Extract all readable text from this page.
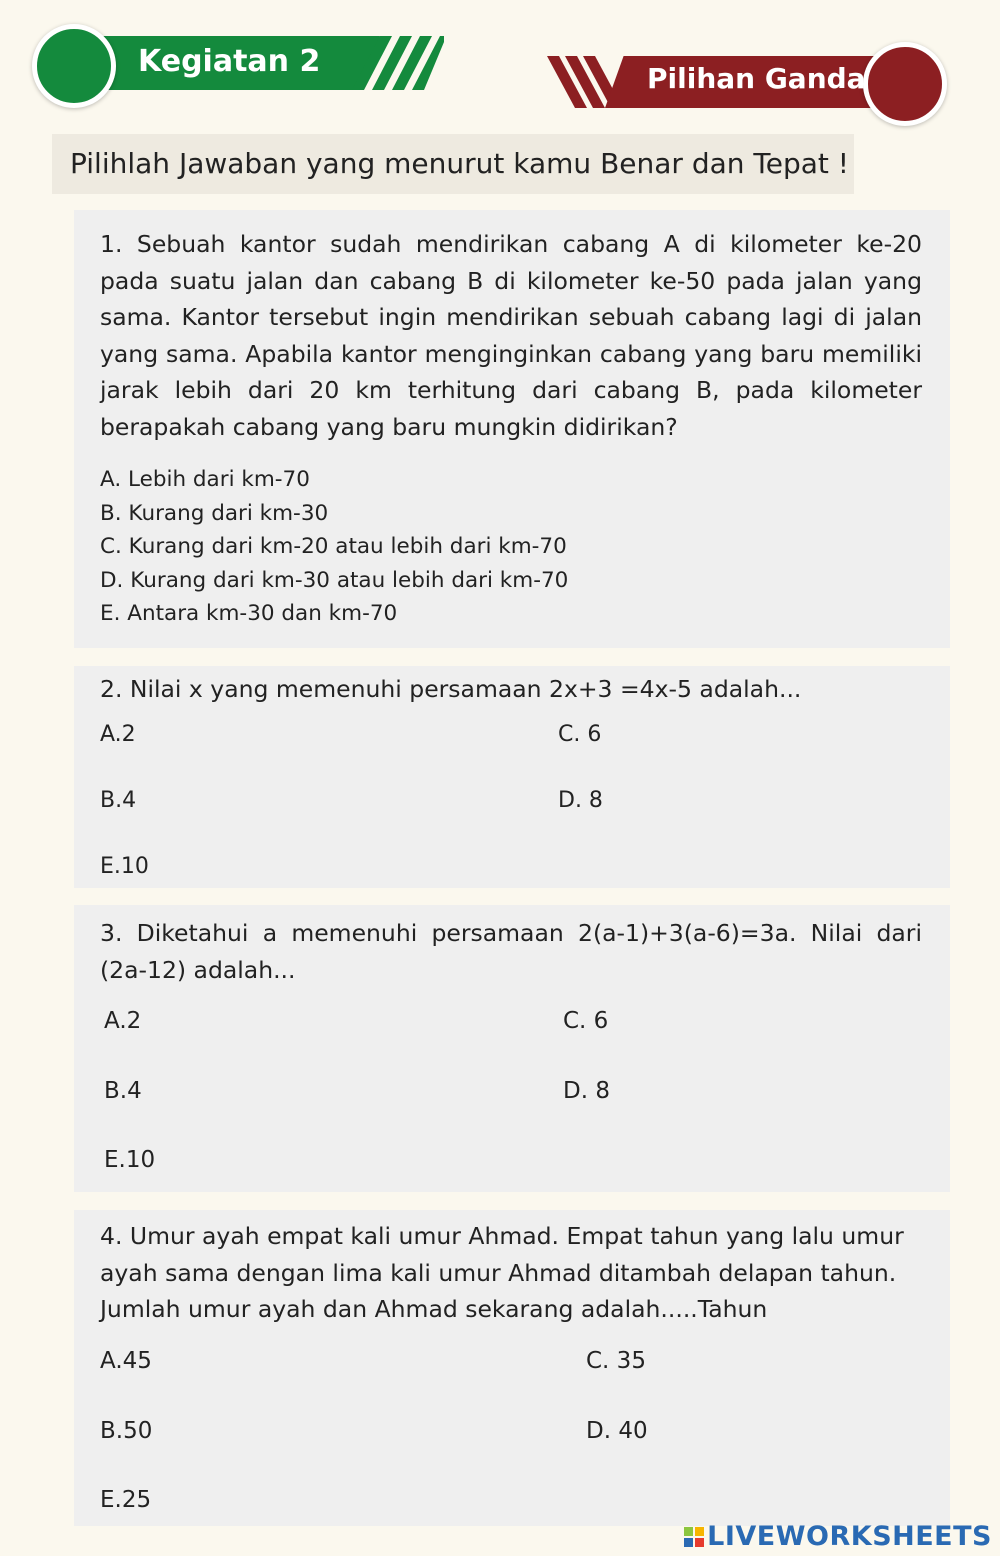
Kegiatan 2	Pilihan Ganda
Pilihlah Jawaban yang menurut kamu Benar dan Tepat !
1. Sebuah kantor sudah mendirikan cabang A di kilometer ke-20 pada suatu jalan dan cabang B di kilometer ke-50 pada jalan yang sama. Kantor tersebut ingin mendirikan sebuah cabang lagi di jalan yang sama. Apabila kantor menginginkan cabang yang baru memiliki jarak lebih dari 20 km terhitung dari cabang B, pada kilometer berapakah cabang yang baru mungkin didirikan?
A. Lebih dari km-70
B. Kurang dari km-30
C. Kurang dari km-20 atau lebih dari km-70
D. Kurang dari km-30 atau lebih dari km-70
E. Antara km-30 dan km-70
2. Nilai x yang memenuhi persamaan 2x+3 =4x-5 adalah...
A.2	C. 6
B.4	D. 8
E.10
3. Diketahui a memenuhi persamaan 2(a-1)+3(a-6)=3a. Nilai dari (2a-12) adalah...
A.2	C. 6
B.4	D. 8
E.10
4. Umur ayah empat kali umur Ahmad. Empat tahun yang lalu umur ayah sama dengan lima kali umur Ahmad ditambah delapan tahun. Jumlah umur ayah dan Ahmad sekarang adalah.....Tahun
A.45	C. 35
B.50	D. 40
E.25
LIVEWORKSHEETS
